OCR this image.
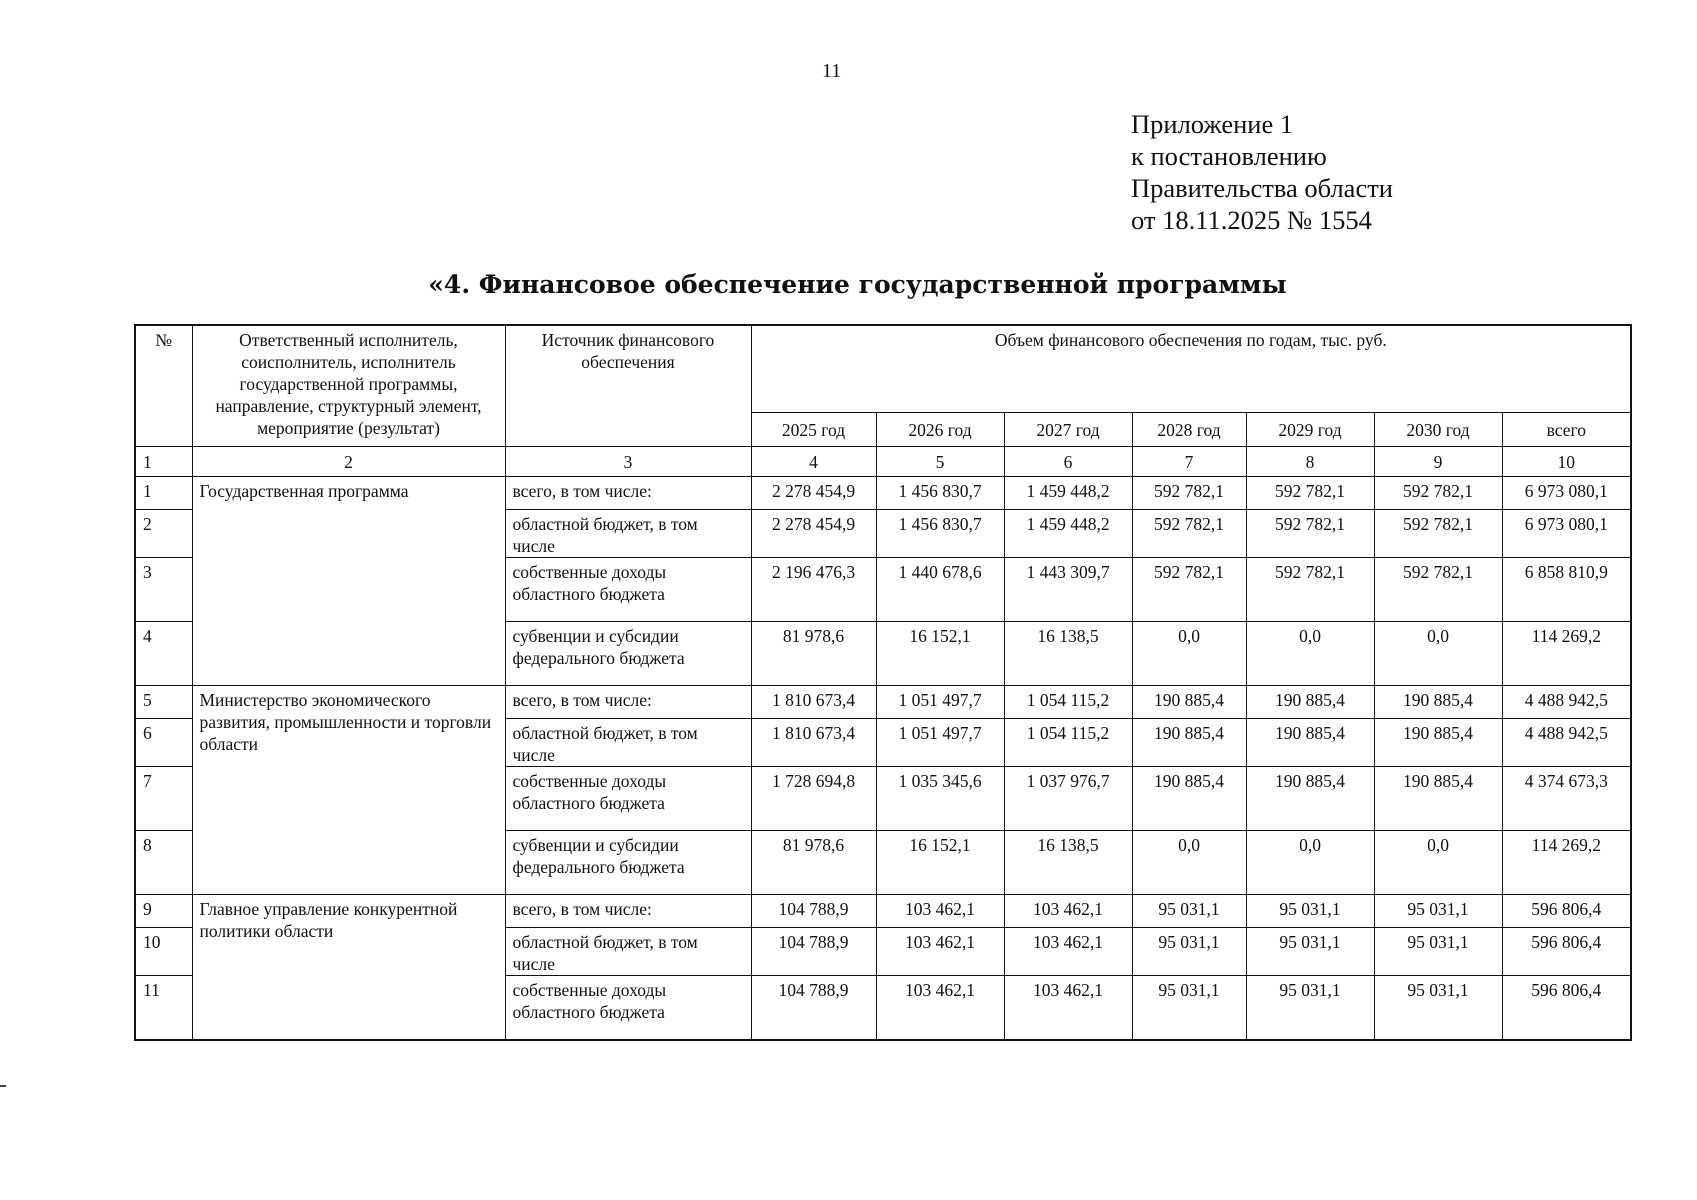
11
Приложение 1
к постановлению
Правительства области
от 18.11.2025 № 1554
«4. Финансовое обеспечение государственной программы
№	Ответственный исполнитель, соисполнитель, исполнитель государственной программы, направление, структурный элемент, мероприятие (результат)	Источник финансового обеспечения	Объем финансового обеспечения по годам, тыс. руб.						
			2025 год	2026 год	2027 год	2028 год	2029 год	2030 год	всего
1	2	3	4	5	6	7	8	9	10
1	Государственная программа	всего, в том числе:	2 278 454,9	1 456 830,7	1 459 448,2	592 782,1	592 782,1	592 782,1	6 973 080,1
2		областной бюджет, в том числе	2 278 454,9	1 456 830,7	1 459 448,2	592 782,1	592 782,1	592 782,1	6 973 080,1
3		собственные доходы областного бюджета	2 196 476,3	1 440 678,6	1 443 309,7	592 782,1	592 782,1	592 782,1	6 858 810,9
4		субвенции и субсидии федерального бюджета	81 978,6	16 152,1	16 138,5	0,0	0,0	0,0	114 269,2
5	Министерство экономического развития, промышленности и торговли области	всего, в том числе:	1 810 673,4	1 051 497,7	1 054 115,2	190 885,4	190 885,4	190 885,4	4 488 942,5
6		областной бюджет, в том числе	1 810 673,4	1 051 497,7	1 054 115,2	190 885,4	190 885,4	190 885,4	4 488 942,5
7		собственные доходы областного бюджета	1 728 694,8	1 035 345,6	1 037 976,7	190 885,4	190 885,4	190 885,4	4 374 673,3
8		субвенции и субсидии федерального бюджета	81 978,6	16 152,1	16 138,5	0,0	0,0	0,0	114 269,2
9	Главное управление конкурентной политики области	всего, в том числе:	104 788,9	103 462,1	103 462,1	95 031,1	95 031,1	95 031,1	596 806,4
10		областной бюджет, в том числе	104 788,9	103 462,1	103 462,1	95 031,1	95 031,1	95 031,1	596 806,4
11		собственные доходы областного бюджета	104 788,9	103 462,1	103 462,1	95 031,1	95 031,1	95 031,1	596 806,4
